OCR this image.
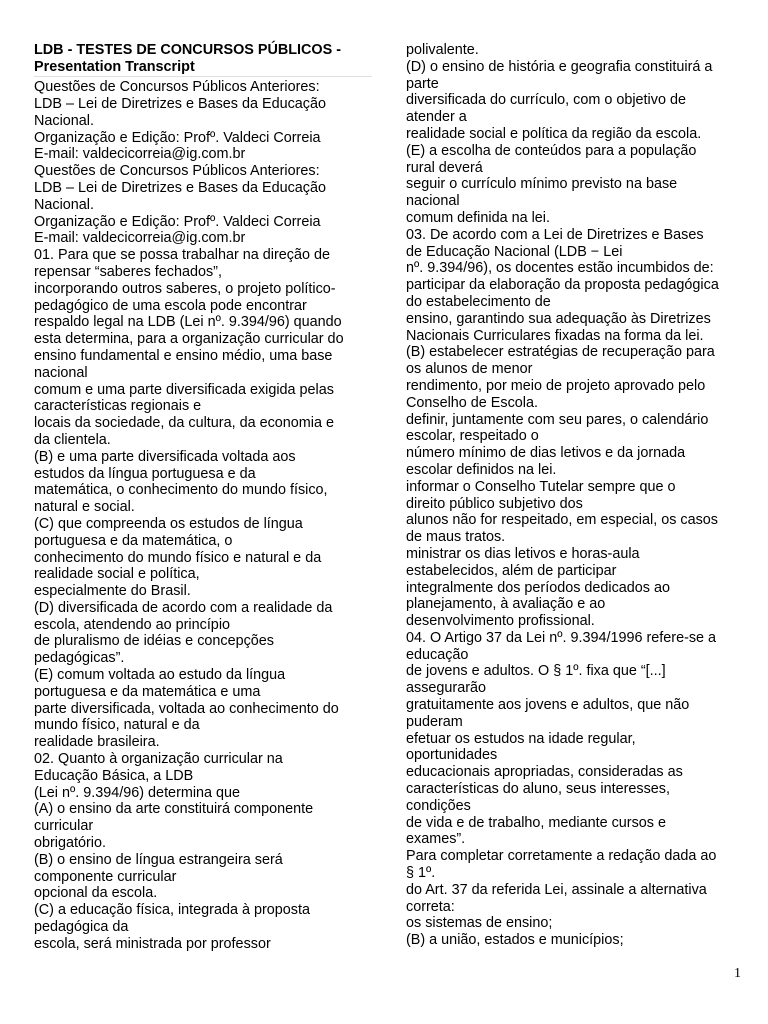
LDB - TESTES DE CONCURSOS PÚBLICOS -
Presentation Transcript
Questões de Concursos Públicos Anteriores:
LDB – Lei de Diretrizes e Bases da Educação
Nacional.
Organização e Edição: Profº. Valdeci Correia
E-mail: valdecicorreia@ig.com.br
Questões de Concursos Públicos Anteriores:
LDB – Lei de Diretrizes e Bases da Educação
Nacional.
Organização e Edição: Profº. Valdeci Correia
E-mail: valdecicorreia@ig.com.br
01. Para que se possa trabalhar na direção de
repensar “saberes fechados”,
incorporando outros saberes, o projeto político-
pedagógico de uma escola pode encontrar
respaldo legal na LDB (Lei nº. 9.394/96) quando
esta determina, para a organização curricular do
ensino fundamental e ensino médio, uma base
nacional
comum e uma parte diversificada exigida pelas
características regionais e
locais da sociedade, da cultura, da economia e
da clientela.
(B) e uma parte diversificada voltada aos
estudos da língua portuguesa e da
matemática, o conhecimento do mundo físico,
natural e social.
(C) que compreenda os estudos de língua
portuguesa e da matemática, o
conhecimento do mundo físico e natural e da
realidade social e política,
especialmente do Brasil.
(D) diversificada de acordo com a realidade da
escola, atendendo ao princípio
de pluralismo de idéias e concepções
pedagógicas”.
(E) comum voltada ao estudo da língua
portuguesa e da matemática e uma
parte diversificada, voltada ao conhecimento do
mundo físico, natural e da
realidade brasileira.
02. Quanto à organização curricular na
Educação Básica, a LDB
(Lei nº. 9.394/96) determina que
(A) o ensino da arte constituirá componente
curricular
obrigatório.
(B) o ensino de língua estrangeira será
componente curricular
opcional da escola.
(C) a educação física, integrada à proposta
pedagógica da
escola, será ministrada por professor
polivalente.
(D) o ensino de história e geografia constituirá a
parte
diversificada do currículo, com o objetivo de
atender a
realidade social e política da região da escola.
(E) a escolha de conteúdos para a população
rural deverá
seguir o currículo mínimo previsto na base
nacional
comum definida na lei.
03. De acordo com a Lei de Diretrizes e Bases
de Educação Nacional (LDB − Lei
nº. 9.394/96), os docentes estão incumbidos de:
participar da elaboração da proposta pedagógica
do estabelecimento de
ensino, garantindo sua adequação às Diretrizes
Nacionais Curriculares fixadas na forma da lei.
(B) estabelecer estratégias de recuperação para
os alunos de menor
rendimento, por meio de projeto aprovado pelo
Conselho de Escola.
definir, juntamente com seu pares, o calendário
escolar, respeitado o
número mínimo de dias letivos e da jornada
escolar definidos na lei.
informar o Conselho Tutelar sempre que o
direito público subjetivo dos
alunos não for respeitado, em especial, os casos
de maus tratos.
ministrar os dias letivos e horas-aula
estabelecidos, além de participar
integralmente dos períodos dedicados ao
planejamento, à avaliação e ao
desenvolvimento profissional.
04. O Artigo 37 da Lei nº. 9.394/1996 refere-se a
educação
de jovens e adultos. O § 1º. fixa que “[...]
assegurarão
gratuitamente aos jovens e adultos, que não
puderam
efetuar os estudos na idade regular,
oportunidades
educacionais apropriadas, consideradas as
características do aluno, seus interesses,
condições
de vida e de trabalho, mediante cursos e
exames”.
Para completar corretamente a redação dada ao
§ 1º.
do Art. 37 da referida Lei, assinale a alternativa
correta:
os sistemas de ensino;
(B) a união, estados e municípios;
1
